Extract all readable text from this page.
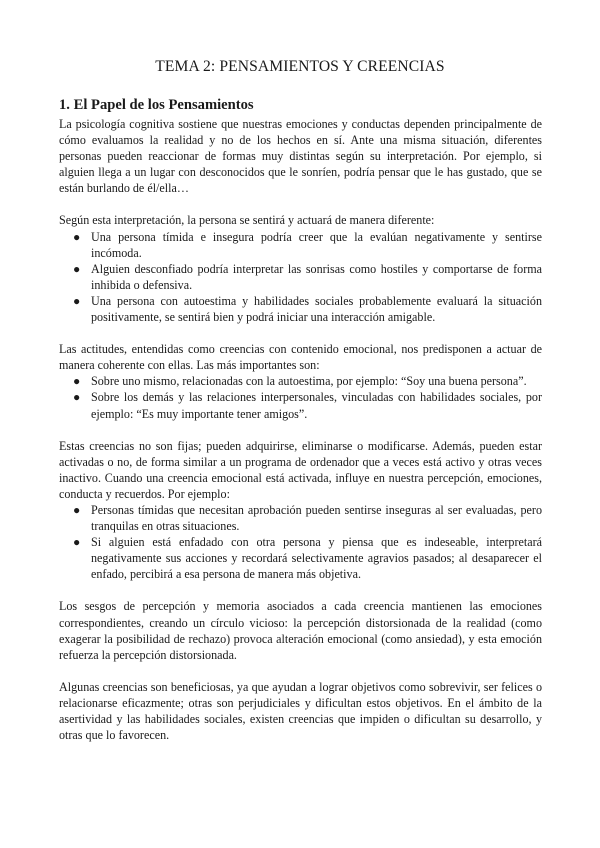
TEMA 2: PENSAMIENTOS Y CREENCIAS
1. El Papel de los Pensamientos

La psicología cognitiva sostiene que nuestras emociones y conductas dependen principalmente de cómo evaluamos la realidad y no de los hechos en sí. Ante una misma situación, diferentes personas pueden reaccionar de formas muy distintas según su interpretación. Por ejemplo, si alguien llega a un lugar con desconocidos que le sonríen, podría pensar que le has gustado, que se están burlando de él/ella…

Según esta interpretación, la persona se sentirá y actuará de manera diferente:

● Una persona tímida e insegura podría creer que la evalúan negativamente y sentirse incómoda.
● Alguien desconfiado podría interpretar las sonrisas como hostiles y comportarse de forma inhibida o defensiva.
● Una persona con autoestima y habilidades sociales probablemente evaluará la situación positivamente, se sentirá bien y podrá iniciar una interacción amigable.

Las actitudes, entendidas como creencias con contenido emocional, nos predisponen a actuar de manera coherente con ellas. Las más importantes son:

● Sobre uno mismo, relacionadas con la autoestima, por ejemplo: “Soy una buena persona”.
● Sobre los demás y las relaciones interpersonales, vinculadas con habilidades sociales, por ejemplo: “Es muy importante tener amigos”.

Estas creencias no son fijas; pueden adquirirse, eliminarse o modificarse. Además, pueden estar activadas o no, de forma similar a un programa de ordenador que a veces está activo y otras veces inactivo. Cuando una creencia emocional está activada, influye en nuestra percepción, emociones, conducta y recuerdos. Por ejemplo:

● Personas tímidas que necesitan aprobación pueden sentirse inseguras al ser evaluadas, pero tranquilas en otras situaciones.
● Si alguien está enfadado con otra persona y piensa que es indeseable, interpretará negativamente sus acciones y recordará selectivamente agravios pasados; al desaparecer el enfado, percibirá a esa persona de manera más objetiva.

Los sesgos de percepción y memoria asociados a cada creencia mantienen las emociones correspondientes, creando un círculo vicioso: la percepción distorsionada de la realidad (como exagerar la posibilidad de rechazo) provoca alteración emocional (como ansiedad), y esta emoción refuerza la percepción distorsionada.

Algunas creencias son beneficiosas, ya que ayudan a lograr objetivos como sobrevivir, ser felices o relacionarse eficazmente; otras son perjudiciales y dificultan estos objetivos. En el ámbito de la asertividad y las habilidades sociales, existen creencias que impiden o dificultan su desarrollo, y otras que lo favorecen.
